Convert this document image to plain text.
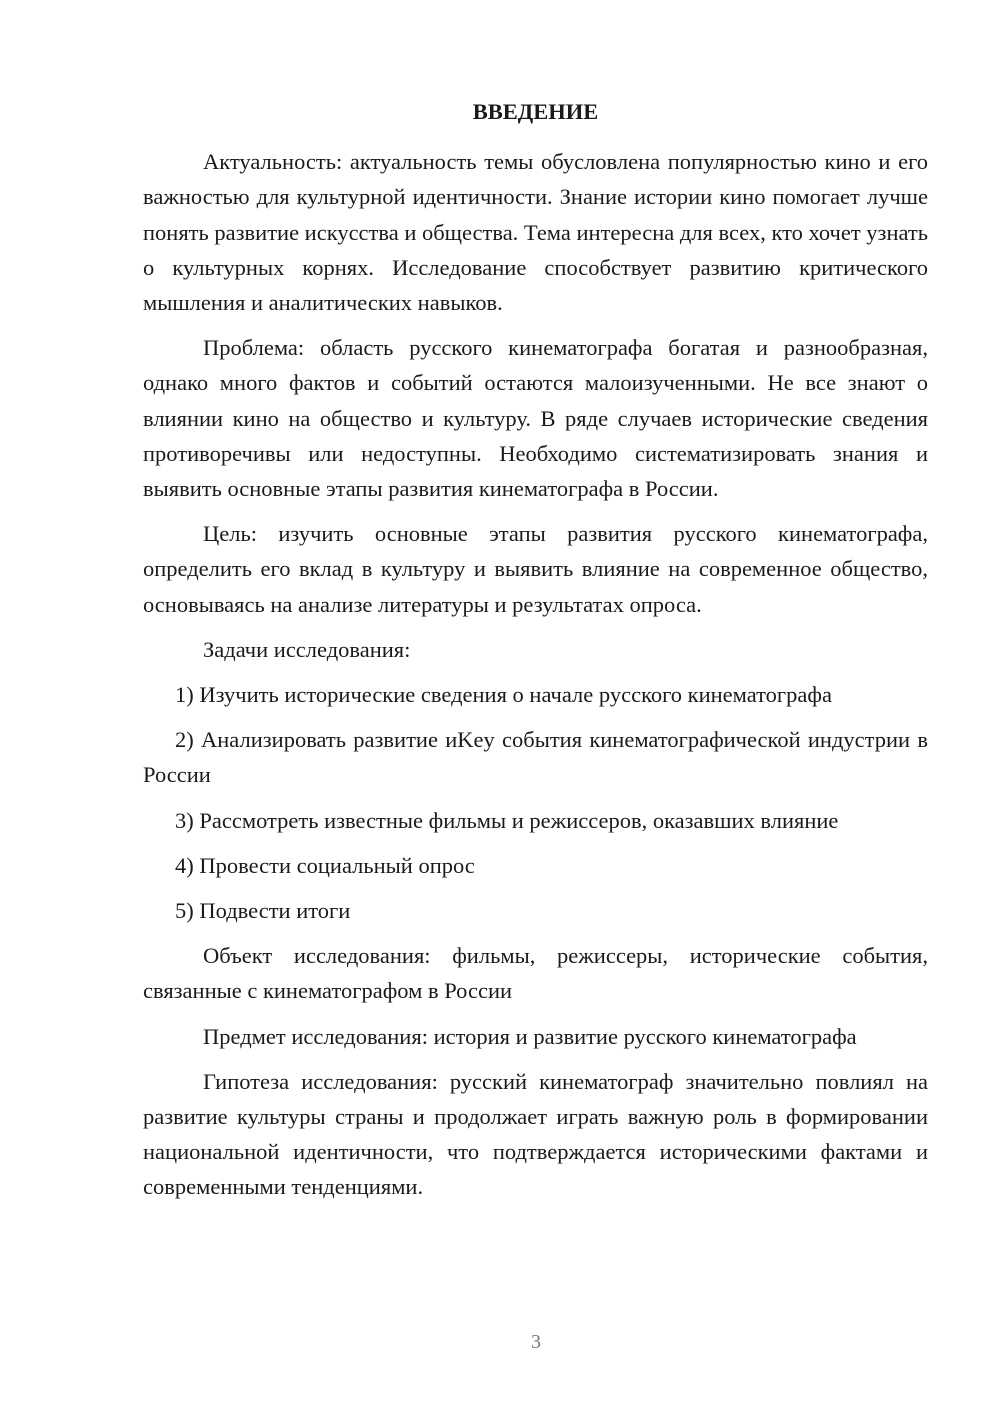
ВВЕДЕНИЕ

Актуальность: актуальность темы обусловлена популярностью кино и его важностью для культурной идентичности. Знание истории кино помогает лучше понять развитие искусства и общества. Тема интересна для всех, кто хочет узнать о культурных корнях. Исследование способствует развитию критического мышления и аналитических навыков.

Проблема: область русского кинематографа богатая и разнообразная, однако много фактов и событий остаются малоизученными. Не все знают о влиянии кино на общество и культуру. В ряде случаев исторические сведения противоречивы или недоступны. Необходимо систематизировать знания и выявить основные этапы развития кинематографа в России.

Цель: изучить основные этапы развития русского кинематографа, определить его вклад в культуру и выявить влияние на современное общество, основываясь на анализе литературы и результатах опроса.

Задачи исследования:

1) Изучить исторические сведения о начале русского кинематографа

2) Анализировать развитие иKey события кинематографической индустрии в России

3) Рассмотреть известные фильмы и режиссеров, оказавших влияние

4) Провести социальный опрос

5) Подвести итоги

Объект исследования: фильмы, режиссеры, исторические события, связанные с кинематографом в России

Предмет исследования: история и развитие русского кинематографа

Гипотеза исследования: русский кинематограф значительно повлиял на развитие культуры страны и продолжает играть важную роль в формировании национальной идентичности, что подтверждается историческими фактами и современными тенденциями.

3
